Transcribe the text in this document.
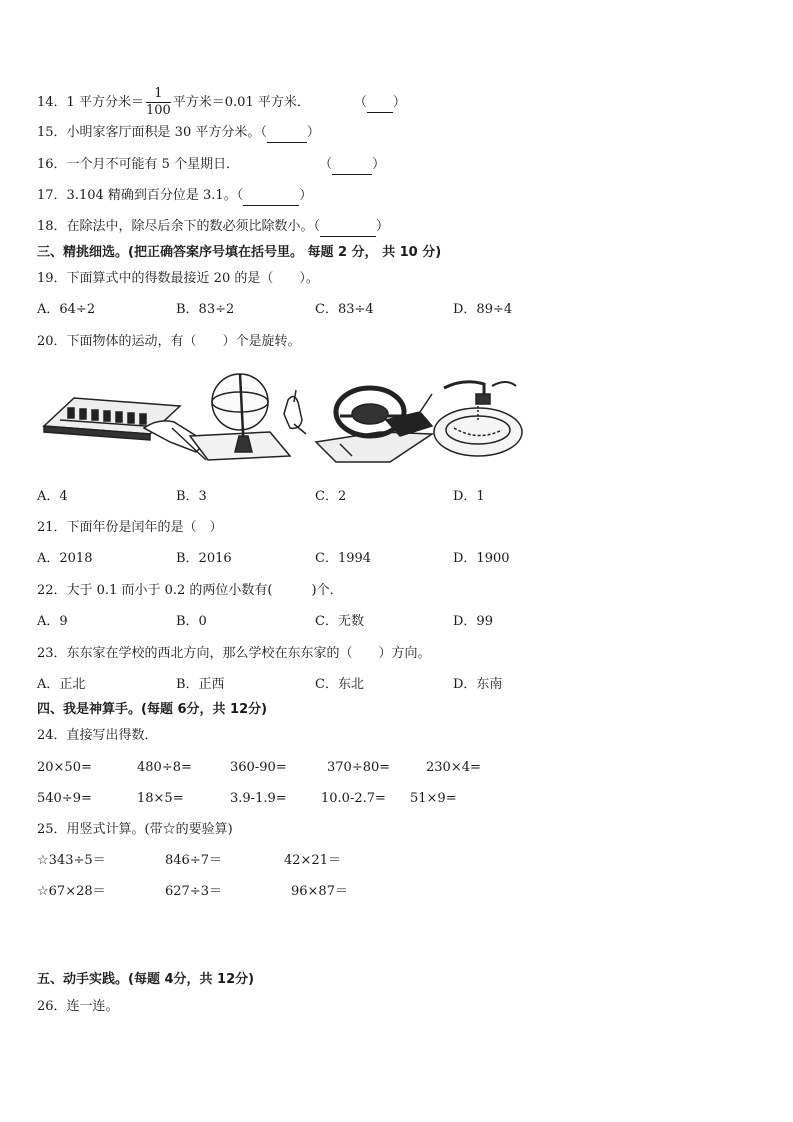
14．1 平方分米＝ $\frac{1}{100}$ 平方米＝0.01 平方米．	（ ）
15．小明家客厅面积是 30 平方分米。（	）
16．一个月不可能有 5 个星期日．	（	）
17．3.104 精确到百分位是 3.1。（	）
18．在除法中，除尽后余下的数必须比除数小。（	）
三、精挑细选。(把正确答案序号填在括号里。 每题 2 分， 共 10 分)
19．下面算式中的得数最接近 20 的是（　　）。
A．64÷2	B．83÷2	C．83÷4	D．89÷4
20．下面物体的运动，有（　　）个是旋转。
A．4	B．3	C．2	D．1
21．下面年份是闰年的是（　）
A．2018	B．2016	C．1994	D．1900
22．大于 0.1 而小于 0.2 的两位小数有(　　　)个．
A．9	B．0	C．无数	D．99
23．东东家在学校的西北方向，那么学校在东东家的（　　）方向。
A．正北	B．正西	C．东北	D．东南
四、我是神算手。(每题 6分，共 12分)
24．直接写出得数．
20×50=	480÷8=	360-90=	370÷80=	230×4=
540÷9=	18×5=	3.9-1.9=	10.0-2.7= 51×9=
25．用竖式计算。(带☆的要验算)
☆343÷5＝	846÷7＝	42×21＝
☆67×28＝	627÷3＝	96×87＝
五、动手实践。(每题 4分，共 12分)
26．连一连。
